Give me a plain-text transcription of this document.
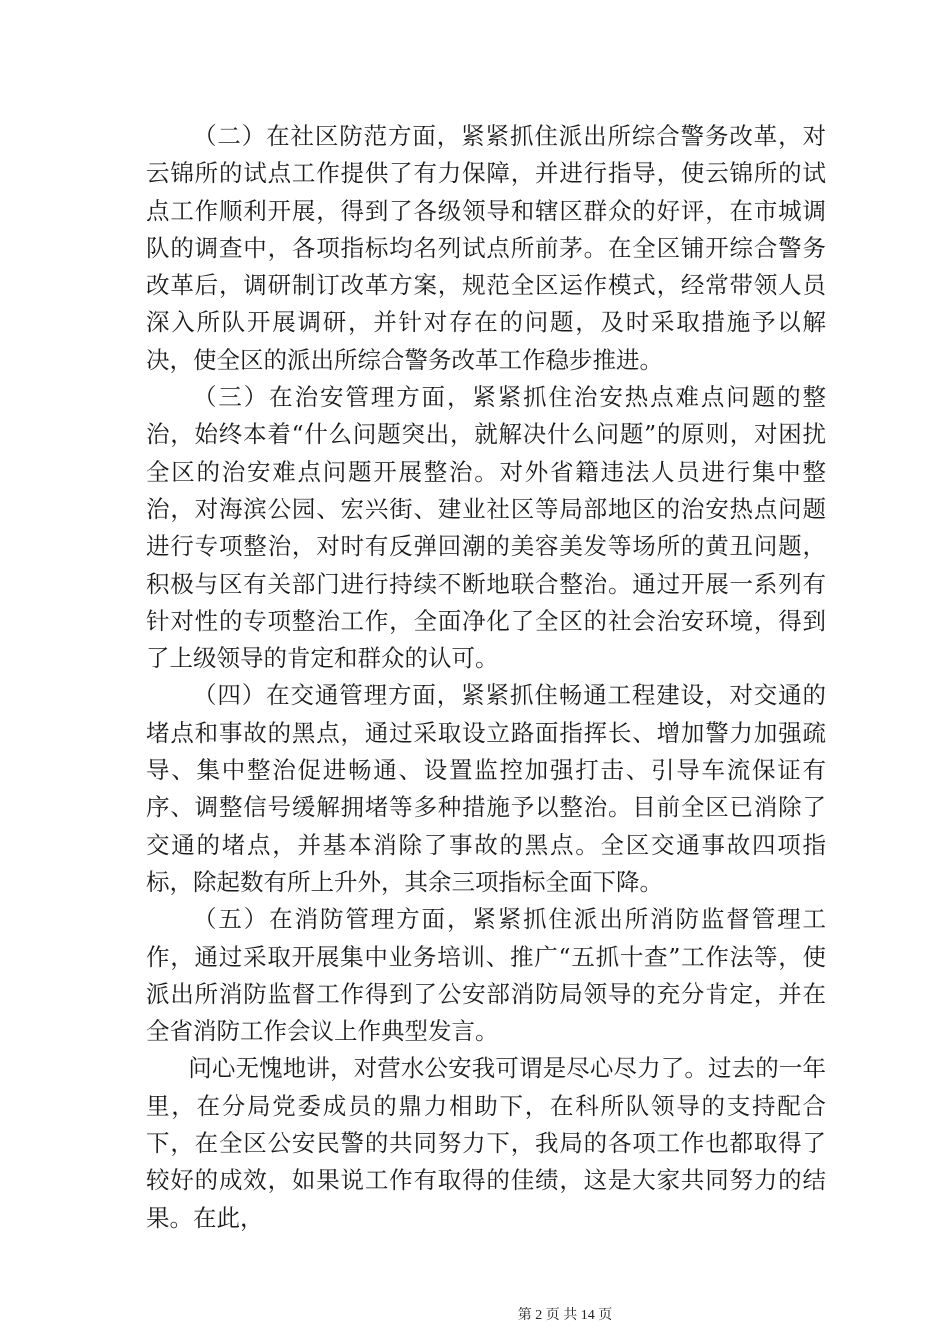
（二）在社区防范方面，紧紧抓住派出所综合警务改革，对云锦所的试点工作提供了有力保障，并进行指导，使云锦所的试点工作顺利开展，得到了各级领导和辖区群众的好评，在市城调队的调查中，各项指标均名列试点所前茅。在全区铺开综合警务改革后，调研制订改革方案，规范全区运作模式，经常带领人员深入所队开展调研，并针对存在的问题，及时采取措施予以解决，使全区的派出所综合警务改革工作稳步推进。

（三）在治安管理方面，紧紧抓住治安热点难点问题的整治，始终本着“什么问题突出，就解决什么问题”的原则，对困扰全区的治安难点问题开展整治。对外省籍违法人员进行集中整治，对海滨公园、宏兴街、建业社区等局部地区的治安热点问题进行专项整治，对时有反弹回潮的美容美发等场所的黄丑问题，积极与区有关部门进行持续不断地联合整治。通过开展一系列有针对性的专项整治工作，全面净化了全区的社会治安环境，得到了上级领导的肯定和群众的认可。

（四）在交通管理方面，紧紧抓住畅通工程建设，对交通的堵点和事故的黑点，通过采取设立路面指挥长、增加警力加强疏导、集中整治促进畅通、设置监控加强打击、引导车流保证有序、调整信号缓解拥堵等多种措施予以整治。目前全区已消除了交通的堵点，并基本消除了事故的黑点。全区交通事故四项指标，除起数有所上升外，其余三项指标全面下降。

（五）在消防管理方面，紧紧抓住派出所消防监督管理工作，通过采取开展集中业务培训、推广“五抓十查”工作法等，使派出所消防监督工作得到了公安部消防局领导的充分肯定，并在全省消防工作会议上作典型发言。

问心无愧地讲，对营水公安我可谓是尽心尽力了。过去的一年里，在分局党委成员的鼎力相助下，在科所队领导的支持配合下，在全区公安民警的共同努力下，我局的各项工作也都取得了较好的成效，如果说工作有取得的佳绩，这是大家共同努力的结果。在此，

第 2 页 共 14 页
